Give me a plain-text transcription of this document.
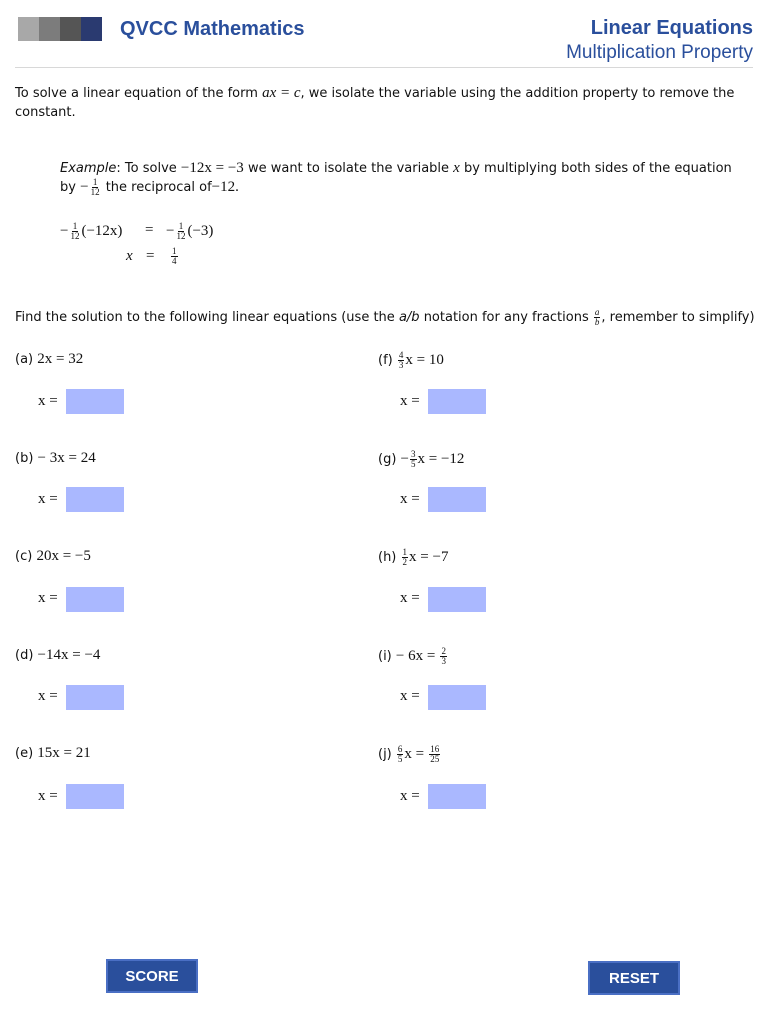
QVCC Mathematics	Linear Equations
Multiplication Property
To solve a linear equation of the form ax = c, we isolate the variable using the addition property to remove the constant.
Example: To solve −12x = −3 we want to isolate the variable x by multiplying both sides of the equation
by − $\frac{1}{12}$ the reciprocal of−12.
− $\frac{1}{12} (-12x)$ = − $\frac{1}{12} (-3)$
$x = \frac{1}{4}$
Find the solution to the following linear equations (use the a/b notation for any fractions $\frac{a}{b}$ , remember to simplify)
(a) 2x = 32
x =
(b) − 3x = 24
x =
(c) 20x = −5
x =
(d) −14x = −4
x =
(e) 15x = 21
x =
$(f) \frac{4}{3}$ x = 10
x =
$(g) - \frac{3}{5}$ x = −12
x =
$(h) \frac{1}{2}$ x = −7
x =
$(i) - 6x = \frac{2}{3}$
x =
$(j) \frac{6}{5}$ $x = \frac{16}{25}$
x =
SCORE	RESET
